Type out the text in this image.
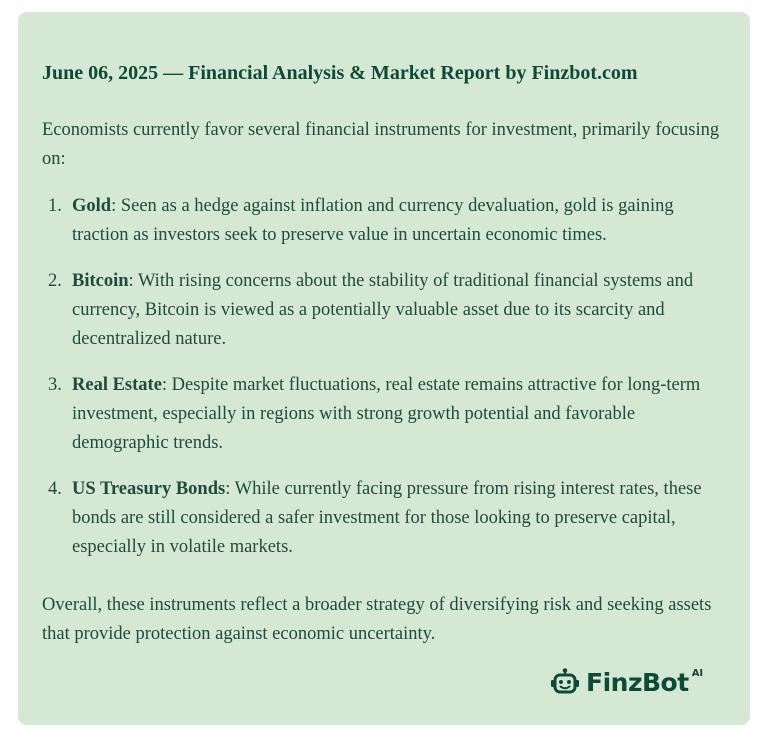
June 06, 2025 — Financial Analysis & Market Report by Finzbot.com

Economists currently favor several financial instruments for investment, primarily focusing on:

1. Gold: Seen as a hedge against inflation and currency devaluation, gold is gaining traction as investors seek to preserve value in uncertain economic times.
2. Bitcoin: With rising concerns about the stability of traditional financial systems and currency, Bitcoin is viewed as a potentially valuable asset due to its scarcity and decentralized nature.
3. Real Estate: Despite market fluctuations, real estate remains attractive for long-term investment, especially in regions with strong growth potential and favorable demographic trends.
4. US Treasury Bonds: While currently facing pressure from rising interest rates, these bonds are still considered a safer investment for those looking to preserve capital, especially in volatile markets.

Overall, these instruments reflect a broader strategy of diversifying risk and seeking assets that provide protection against economic uncertainty.

FinzBot AI
